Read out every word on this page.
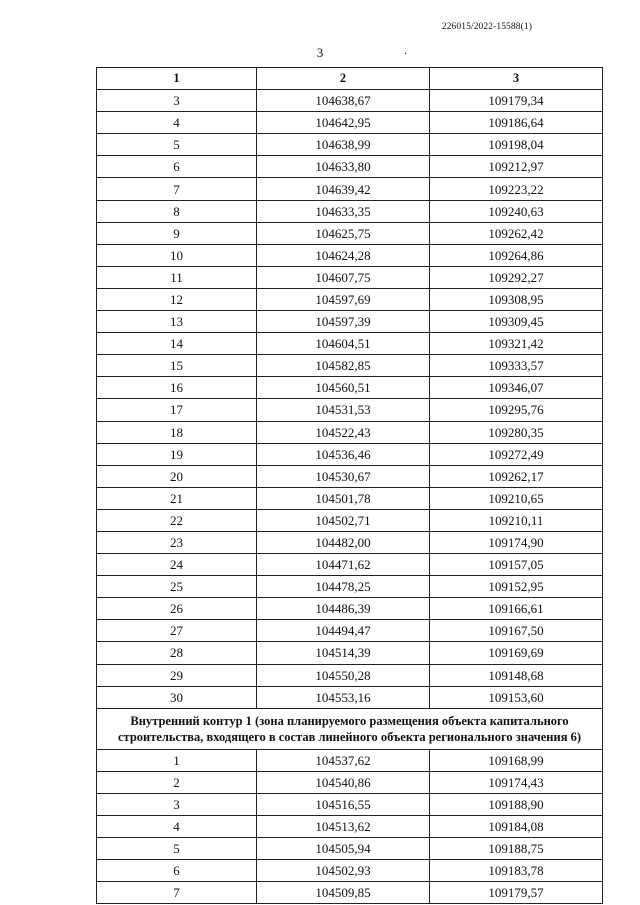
226015/2022-15588(1)
3	.
1	2	3
3	104638,67	109179,34
4	104642,95	109186,64
5	104638,99	109198,04
6	104633,80	109212,97
7	104639,42	109223,22
8	104633,35	109240,63
9	104625,75	109262,42
10	104624,28	109264,86
11	104607,75	109292,27
12	104597,69	109308,95
13	104597,39	109309,45
14	104604,51	109321,42
15	104582,85	109333,57
16	104560,51	109346,07
17	104531,53	109295,76
18	104522,43	109280,35
19	104536,46	109272,49
20	104530,67	109262,17
21	104501,78	109210,65
22	104502,71	109210,11
23	104482,00	109174,90
24	104471,62	109157,05
25	104478,25	109152,95
26	104486,39	109166,61
27	104494,47	109167,50
28	104514,39	109169,69
29	104550,28	109148,68
30	104553,16	109153,60
Внутренний контур 1 (зона планируемого размещения объекта капитального строительства, входящего в состав линейного объекта регионального значения 6)		
1	104537,62	109168,99
2	104540,86	109174,43
3	104516,55	109188,90
4	104513,62	109184,08
5	104505,94	109188,75
6	104502,93	109183,78
7	104509,85	109179,57
